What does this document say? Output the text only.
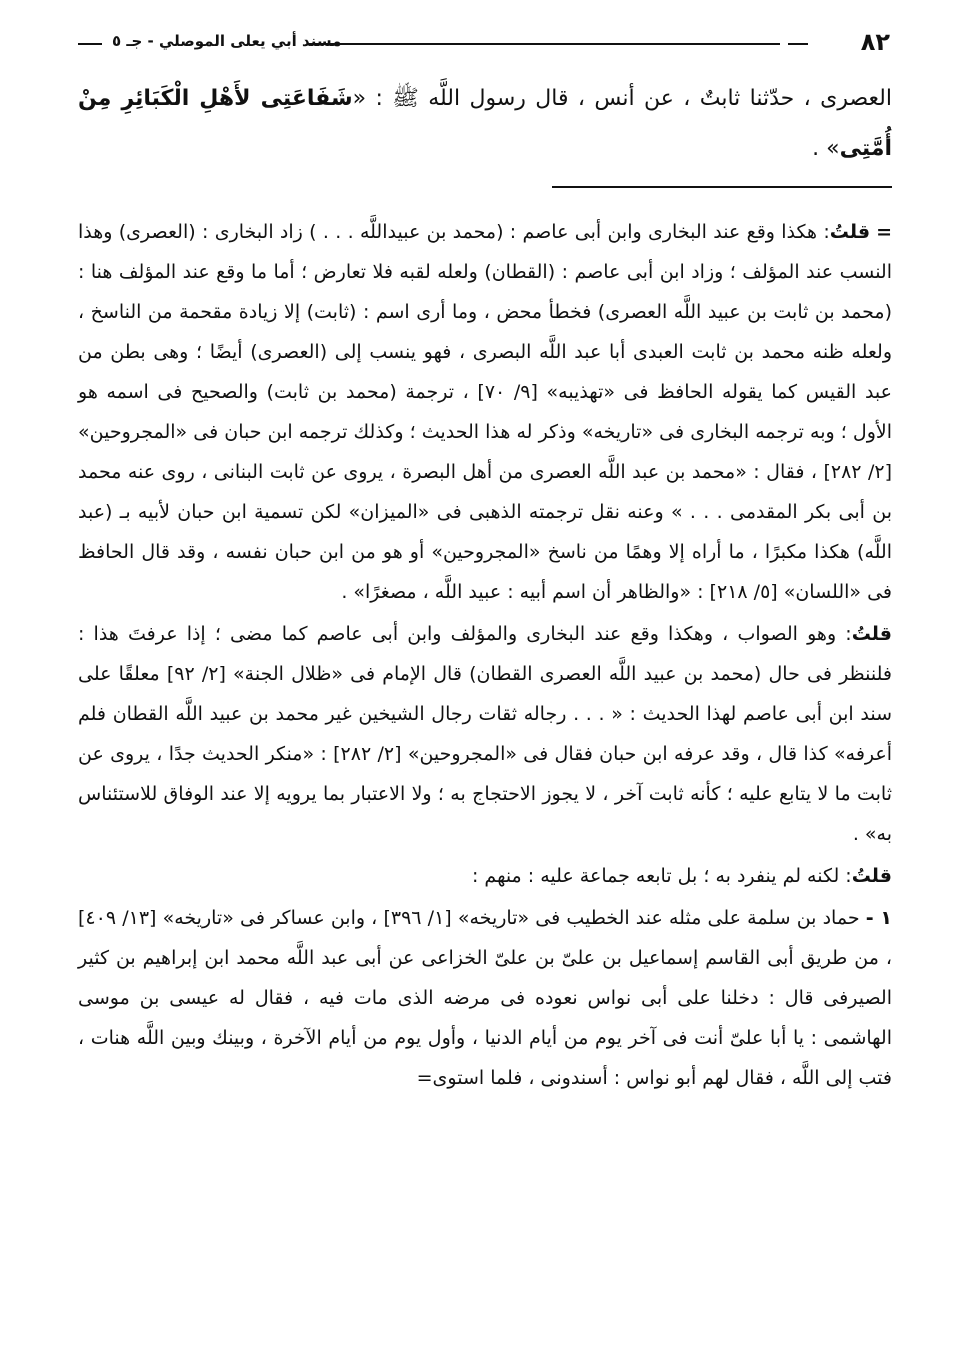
٨٢
مسند أبي يعلى الموصلي - جـ ٥
العصرى ، حدّثنا ثابتٌ ، عن أنس ، قال رسول اللَّه ﷺ : «شَفَاعَتِى لأَهْلِ الْكَبَائِرِ مِنْ أُمَّتِى» .

=قلتُ: هكذا وقع عند البخارى وابن أبى عاصم : (محمد بن عبيداللَّه . . . ) زاد البخارى : (العصرى) وهذا النسب عند المؤلف ؛ وزاد ابن أبى عاصم : (القطان) ولعله لقبه فلا تعارض ؛ أما ما وقع عند المؤلف هنا : (محمد بن ثابت بن عبيد اللَّه العصرى) فخطأ محض ، وما أرى اسم : (ثابت) إلا زيادة مقحمة من الناسخ ، ولعله ظنه محمد بن ثابت العبدى أبا عبد اللَّه البصرى ، فهو ينسب إلى (العصرى) أيضًا ؛ وهى بطن من عبد القيس كما يقوله الحافظ فى «تهذيبه» [٩/ ٧٠] ، ترجمة (محمد بن ثابت) والصحيح فى اسمه هو الأول ؛ وبه ترجمه البخارى فى «تاريخه» وذكر له هذا الحديث ؛ وكذلك ترجمه ابن حبان فى «المجروحين» [٢/ ٢٨٢] ، فقال : «محمد بن عبد اللَّه العصرى من أهل البصرة ، يروى عن ثابت البنانى ، روى عنه محمد بن أبى بكر المقدمى . . . » وعنه نقل ترجمته الذهبى فى «الميزان» لكن تسمية ابن حبان لأبيه بـ (عبد اللَّه) هكذا مكبرًا ، ما أراه إلا وهمًا من ناسخ «المجروحين» أو هو من ابن حبان نفسه ، وقد قال الحافظ فى «اللسان» [٥/ ٢١٨] : «والظاهر أن اسم أبيه : عبيد اللَّه ، مصغرًا» .

قلتُ: وهو الصواب ، وهكذا وقع عند البخارى والمؤلف وابن أبى عاصم كما مضى ؛ إذا عرفتَ هذا : فلننظر فى حال (محمد بن عبيد اللَّه العصرى القطان) قال الإمام فى «ظلال الجنة» [٢/ ٩٢] معلقًا على سند ابن أبى عاصم لهذا الحديث : « . . . رجاله ثقات رجال الشيخين غير محمد بن عبيد اللَّه القطان فلم أعرفه» كذا قال ، وقد عرفه ابن حبان فقال فى «المجروحين» [٢/ ٢٨٢] : «منكر الحديث جدًا ، يروى عن ثابت ما لا يتابع عليه ؛ كأنه ثابت آخر ، لا يجوز الاحتجاج به ؛ ولا الاعتبار بما يرويه إلا عند الوفاق للاستئناس به» .

قلتُ: لكنه لم ينفرد به ؛ بل تابعه جماعة عليه : منهم :

١ - حماد بن سلمة على مثله عند الخطيب فى «تاريخه» [١/ ٣٩٦] ، وابن عساكر فى «تاريخه» [١٣/ ٤٠٩] ، من طريق أبى القاسم إسماعيل بن علىّ بن علىّ الخزاعى عن أبى عبد اللَّه محمد ابن إبراهيم بن كثير الصيرفى قال : دخلنا على أبى نواس نعوده فى مرضه الذى مات فيه ، فقال له عيسى بن موسى الهاشمى : يا أبا علىّ أنت فى آخر يوم من أيام الدنيا ، وأول يوم من أيام الآخرة ، وبينك وبين اللَّه هنات ، فتب إلى اللَّه ، فقال لهم أبو نواس : أسندونى ، فلما استوى=
